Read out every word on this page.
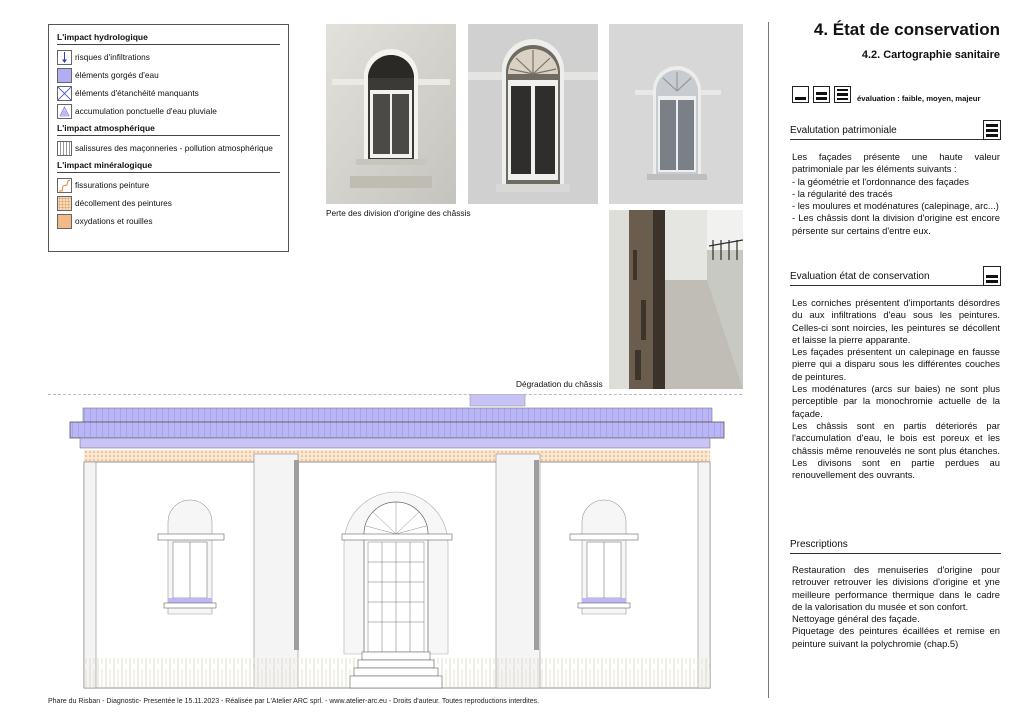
L'impact hydrologique
risques d'infiltrations
éléments gorgés d'eau
éléments d'étanchéité manquants
accumulation ponctuelle d'eau pluviale
L'impact atmosphérique
salissures des maçonneries - pollution atmosphérique
L'impact minéralogique
fissurations peinture
décollement des peintures
oxydations et rouilles
Perte des division d'origine des châssis
Dégradation du châssis
4. État de conservation
4.2. Cartographie sanitaire
évaluation : faible, moyen, majeur
Evalutation patrimoniale

Les façades présente une haute valeur patrimoniale par les éléments suivants :

- la géométrie et l'ordonnance des façades

- la régularité des tracés

- les moulures et modénatures (calepinage, arc...)

- Les châssis dont la division d'origine est encore pérsente sur certains d'entre eux.

Evaluation état de conservation

Les corniches présentent d'importants désordres du aux infiltrations d'eau sous les peintures. Celles-ci sont noircies, les peintures se décollent et laisse la pierre apparante.

Les façades présentent un calepinage en fausse pierre qui a disparu sous les différentes couches de peintures.

Les modénatures (arcs sur baies) ne sont plus perceptible par la monochromie actuelle de la façade.

Les châssis sont en partis déteriorés par l'accumulation d'eau, le bois est poreux et les châssis même renouvelés ne sont plus étanches. Les divisons sont en partie perdues au renouvellement des ouvrants.

Prescriptions

Restauration des menuiseries d'origine pour retrouver retrouver les divisions d'origine et yne meilleure performance thermique dans le cadre de la valorisation du musée et son confort.

Nettoyage général des façade.

Piquetage des peintures écaillées et remise en peinture suivant la polychromie (chap.5)

Phare du Risban - Diagnostic- Presentée le 15.11.2023 - Réalisée par L'Atelier ARC sprl. - www.atelier-arc.eu - Droits d'auteur. Toutes reproductions interdites.
